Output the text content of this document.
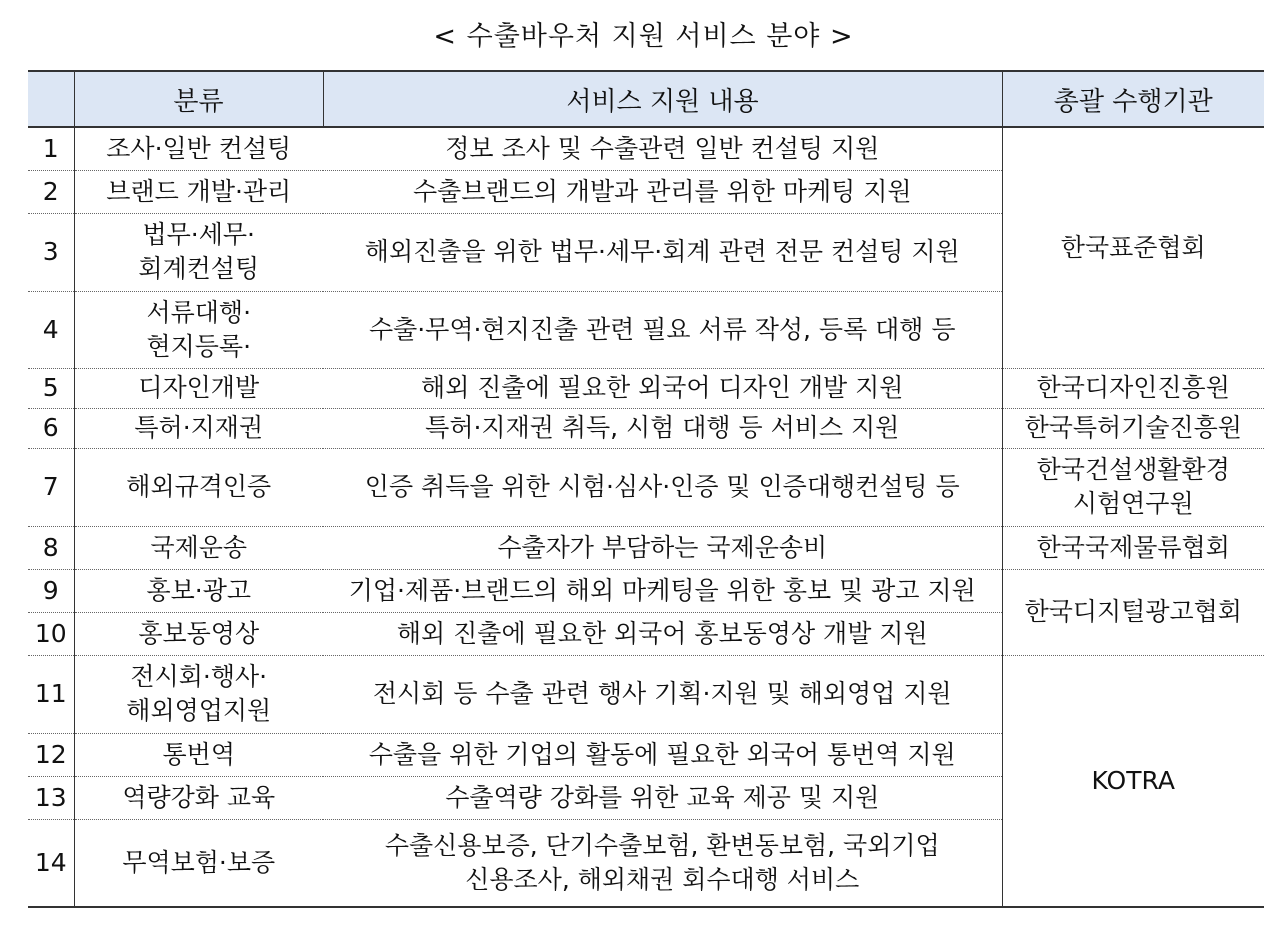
< 수출바우처 지원 서비스 분야 >
	분류	서비스 지원 내용	총괄 수행기관
1	조사·일반 컨설팅	정보 조사 및 수출관련 일반 컨설팅 지원	한국표준협회

2	브랜드 개발·관리	수출브랜드의 개발과 관리를 위한 마케팅 지원	

3	법무·세무·
회계컨설팅	해외진출을 위한 법무·세무·회계 관련 전문 컨설팅 지원	

4	서류대행·
현지등록·	수출·무역·현지진출 관련 필요 서류 작성, 등록 대행 등	

5	디자인개발	해외 진출에 필요한 외국어 디자인 개발 지원	한국디자인진흥원

6	특허·지재권	특허·지재권 취득, 시험 대행 등 서비스 지원	한국특허기술진흥원

7	해외규격인증	인증 취득을 위한 시험·심사·인증 및 인증대행컨설팅 등	한국건설생활환경
시험연구원

8	국제운송	수출자가 부담하는 국제운송비	한국국제물류협회

9	홍보·광고	기업·제품·브랜드의 해외 마케팅을 위한 홍보 및 광고 지원	한국디지털광고협회

10	홍보동영상	해외 진출에 필요한 외국어 홍보동영상 개발 지원	

11	전시회·행사·
해외영업지원	전시회 등 수출 관련 행사 기획·지원 및 해외영업 지원	KOTRA

12	통번역	수출을 위한 기업의 활동에 필요한 외국어 통번역 지원	

13	역량강화 교육	수출역량 강화를 위한 교육 제공 및 지원	

14	무역보험·보증	수출신용보증, 단기수출보험, 환변동보험, 국외기업
신용조사, 해외채권 회수대행 서비스	
